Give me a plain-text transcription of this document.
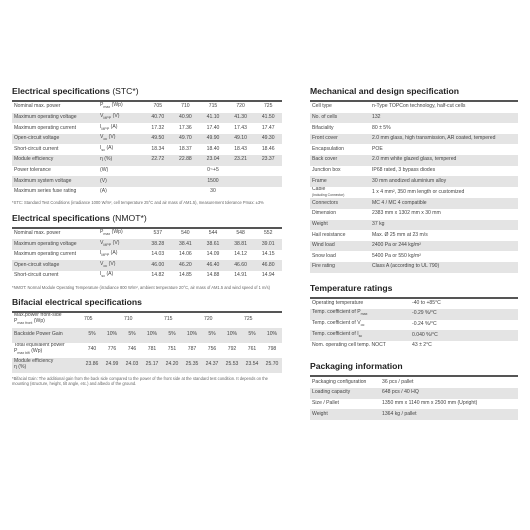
Electrical specifications (STC*)
Nominal max. power	$P_{max}$ (Wp)	705	710	715	720	725
Maximum operating voltage	$V_{MPP}$ (V)	40.70	40.90	41.10	41.30	41.50
Maximum operating current	$I_{MPP}$ (A)	17.32	17.36	17.40	17.43	17.47
Open-circuit voltage	$V_{oc}$ (V)	49.50	49.70	49.90	49.10	49.30
Short-circuit current	$I_{sc}$ (A)	18.34	18.37	18.40	18.43	18.46
Module efficiency	η (%)	22.72	22.88	23.04	23.21	23.37
Power tolerance	(W)			0~+5		
Maximum system voltage	(V)			1500		
Maximum series fuse rating	(A)			30		
*STC: Standard Test Conditions (irradiance 1000 W/m², cell temperature 25°C and air mass of AM1.5), measurement tolerance Pmax: ±3%
Electrical specifications (NMOT*)
Nominal max. power	$P_{max}$ (Wp)	537	540	544	548	552
Maximum operating voltage	$V_{MPP}$ (V)	38.28	38.41	38.61	38.81	39.01
Maximum operating current	$I_{MPP}$ (A)	14.03	14.06	14.09	14.12	14.15
Open-circuit voltage	$V_{oc}$ (V)	46.00	46.20	46.40	46.60	46.80
Short-circuit current	$I_{sc}$ (A)	14.82	14.85	14.88	14.91	14.94
*NMOT: Normal Module Operating Temperature (irradiance 800 W/m², ambient temperature 20°C, air mass of AM1.5 and wind speed of 1 m/s)
Bifacial electrical specifications
Max.power front-side
$P_{max front}$ (Wp)	705		710		715		720		725	
Backside Power Gain	5%	10%	5%	10%	5%	10%	5%	10%	5%	10%
Total equivalent power
$P_{max bifi}$ (Wp)	740	776	746	781	751	787	756	792	761	798
Module efficiency
η (%)	23.86	24.99	24.03	25.17	24.20	25.35	24.37	25.53	23.54	25.70
*Bifacial Gain: The additional gain from the back side compared to the power of the front side at the standard test condition. It depends on the mounting (structure, height, tilt angle, etc.) and albedo of the ground.
Mechanical and design specification
Cell type	n-Type TOPCon technology, half-cut cells
No. of cells	132
Bifaciality	80 ± 5%
Front cover	2.0 mm glass, high transmission, AR coated, tempered
Encapsulation	POE
Back cover	2.0 mm white glazed glass, tempered
Junction box	IP68 rated, 3 bypass diodes
Frame	30 mm anodized aluminium alloy
Cable
(Including Connector)	1 x 4 mm², 350 mm length or customized
Connectors	MC 4 / MC 4 compatible
Dimension	2383 mm x 1302 mm x 30 mm
Weight	37 kg
Hail resistance	Max. Ø 25 mm at 23 m/s
Wind load	2400 Pa or 244 kg/m²
Snow load	5400 Pa or 550 kg/m²
Fire rating	Class A (according to UL 790)
Temperature ratings
Operating temperature	-40 to +85°C
Temp. coefficient of $P_{max}$	-0.29 %/°C
Temp. coefficient of $V_{oc}$	-0.24 %/°C
Temp. coefficient of $I_{sc}$	0.040 %/°C
Nom. operating cell temp. NOCT	43 ± 2°C
Packaging information
Packaging configuration	36 pcs / pallet
Loading capacity	648 pcs / 40 HQ
Size / Pallet	1350 mm x 1140 mm x 2500 mm (Upright)
Weight	1364 kg / pallet
